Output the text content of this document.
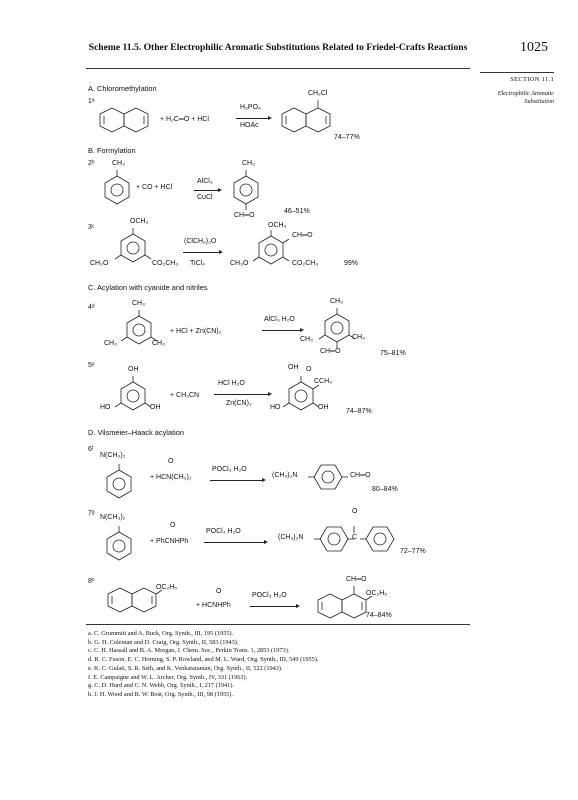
Scheme 11.5. Other Electrophilic Aromatic Substitutions Related to Friedel-Crafts Reactions	1025
SECTION 11.1
Electrophilic Aromatic Substitution
A. Chloromethylation
1ᵃ
+ H₂C═O + HCl
H₃PO₄
HOAc
CH₂Cl
74–77%
B. Formylation
2ᵇ CH₃
+ CO + HCl
AlCl₃
CuCl
CH₃
CH═O
46–51%
3ᶜ
OCH₃
CH₃O	CO₂CH₃
(ClCH₂)₂O
TiCl₄
OCH₃
CH═O
CH₃O	CO₂CH₃	99%
C. Acylation with cyanide and nitriles
4ᵈ
CH₃
CH₃	CH₃
+ HCl + Zn(CN)₂
AlCl₃ H₂O
CH₃
CH₃	CH₃
CH═O	75–81%
5ᵉ
OH
HO	OH
+ CH₃CN
HCl H₂O
Zn(CN)₂
OH O
CCH₃
HO	OH
74–87%
D. Vilsmeier–Haack acylation
6ᶠ
N(CH₃)₂
O
+ HCN(CH₃)₂
POCl₃ H₂O
(CH₃)₂N	CH═O
80–84%
7ᵍ
N(CH₃)₂
O
+ PhCNHPh
POCl₃ H₂O
(CH₃)₂N
O
C
72–77%
8ʰ
OC₂H₅
O
+ HCNHPh
POCl₃ H₂O
CH═O
OC₂H₅
74–84%
a. C. Grummitt and A. Buck, Org. Synth., III, 195 (1955).
b. G. H. Coleman and D. Craig, Org. Synth., II, 583 (1943).
c. C. H. Hassall and B. A. Morgan, J. Chem. Soc., Perkin Trans. 1, 2853 (1973).
d. R. C. Fuson, E. C. Horning, S. P. Rowland, and M. L. Ward, Org. Synth., III, 549 (1955).
e. K. C. Gulati, S. R. Seth, and K. Venkataraman, Org. Synth., II, 522 (1943).
f. E. Campaigne and W. L. Archer, Org. Synth., IV, 331 (1963).
g. C. D. Hurd and C. N. Webb, Org. Synth., I, 217 (1941).
h. J. H. Wood and R. W. Bost, Org. Synth., III, 98 (1955).
